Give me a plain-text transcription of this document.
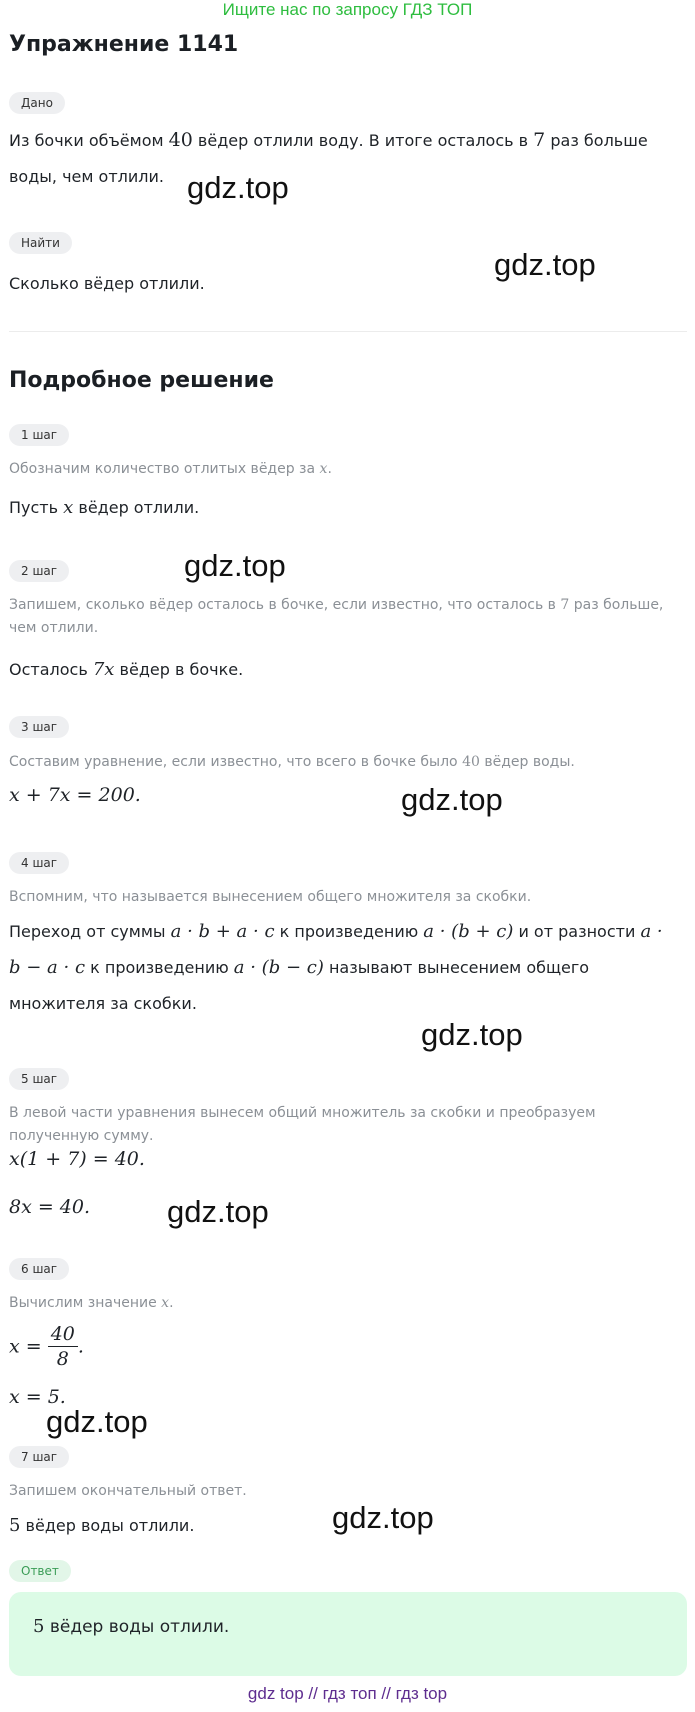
Ищите нас по запросу ГДЗ ТОП
Упражнение 1141
Дано
Из бочки объёмом 40 вёдер отлили воду. В итоге осталось в 7 раз больше воды, чем отлили.
Найти
Сколько вёдер отлили.
Подробное решение
1 шаг
Обозначим количество отлитых вёдер за x.
Пусть x вёдер отлили.
2 шаг
Запишем, сколько вёдер осталось в бочке, если известно, что осталось в 7 раз больше, чем отлили.
Осталось 7x вёдер в бочке.
3 шаг
Составим уравнение, если известно, что всего в бочке было 40 вёдер воды.
x + 7x = 200.
4 шаг
Вспомним, что называется вынесением общего множителя за скобки.
Переход от суммы a · b + a · c к произведению a · (b + c) и от разности a · b − a · c к произведению a · (b − c) называют вынесением общего множителя за скобки.
5 шаг
В левой части уравнения вынесем общий множитель за скобки и преобразуем полученную сумму.
x(1 + 7) = 40.
8x = 40.
6 шаг
Вычислим значение x.
$x = \frac{40}{8}$ .
x = 5.
7 шаг
Запишем окончательный ответ.
5 вёдер воды отлили.
Ответ
5 вёдер воды отлили.
gdz.top
gdz.top
gdz.top
gdz.top
gdz.top
gdz.top
gdz.top
gdz.top
gdz top // гдз топ // гдз top
